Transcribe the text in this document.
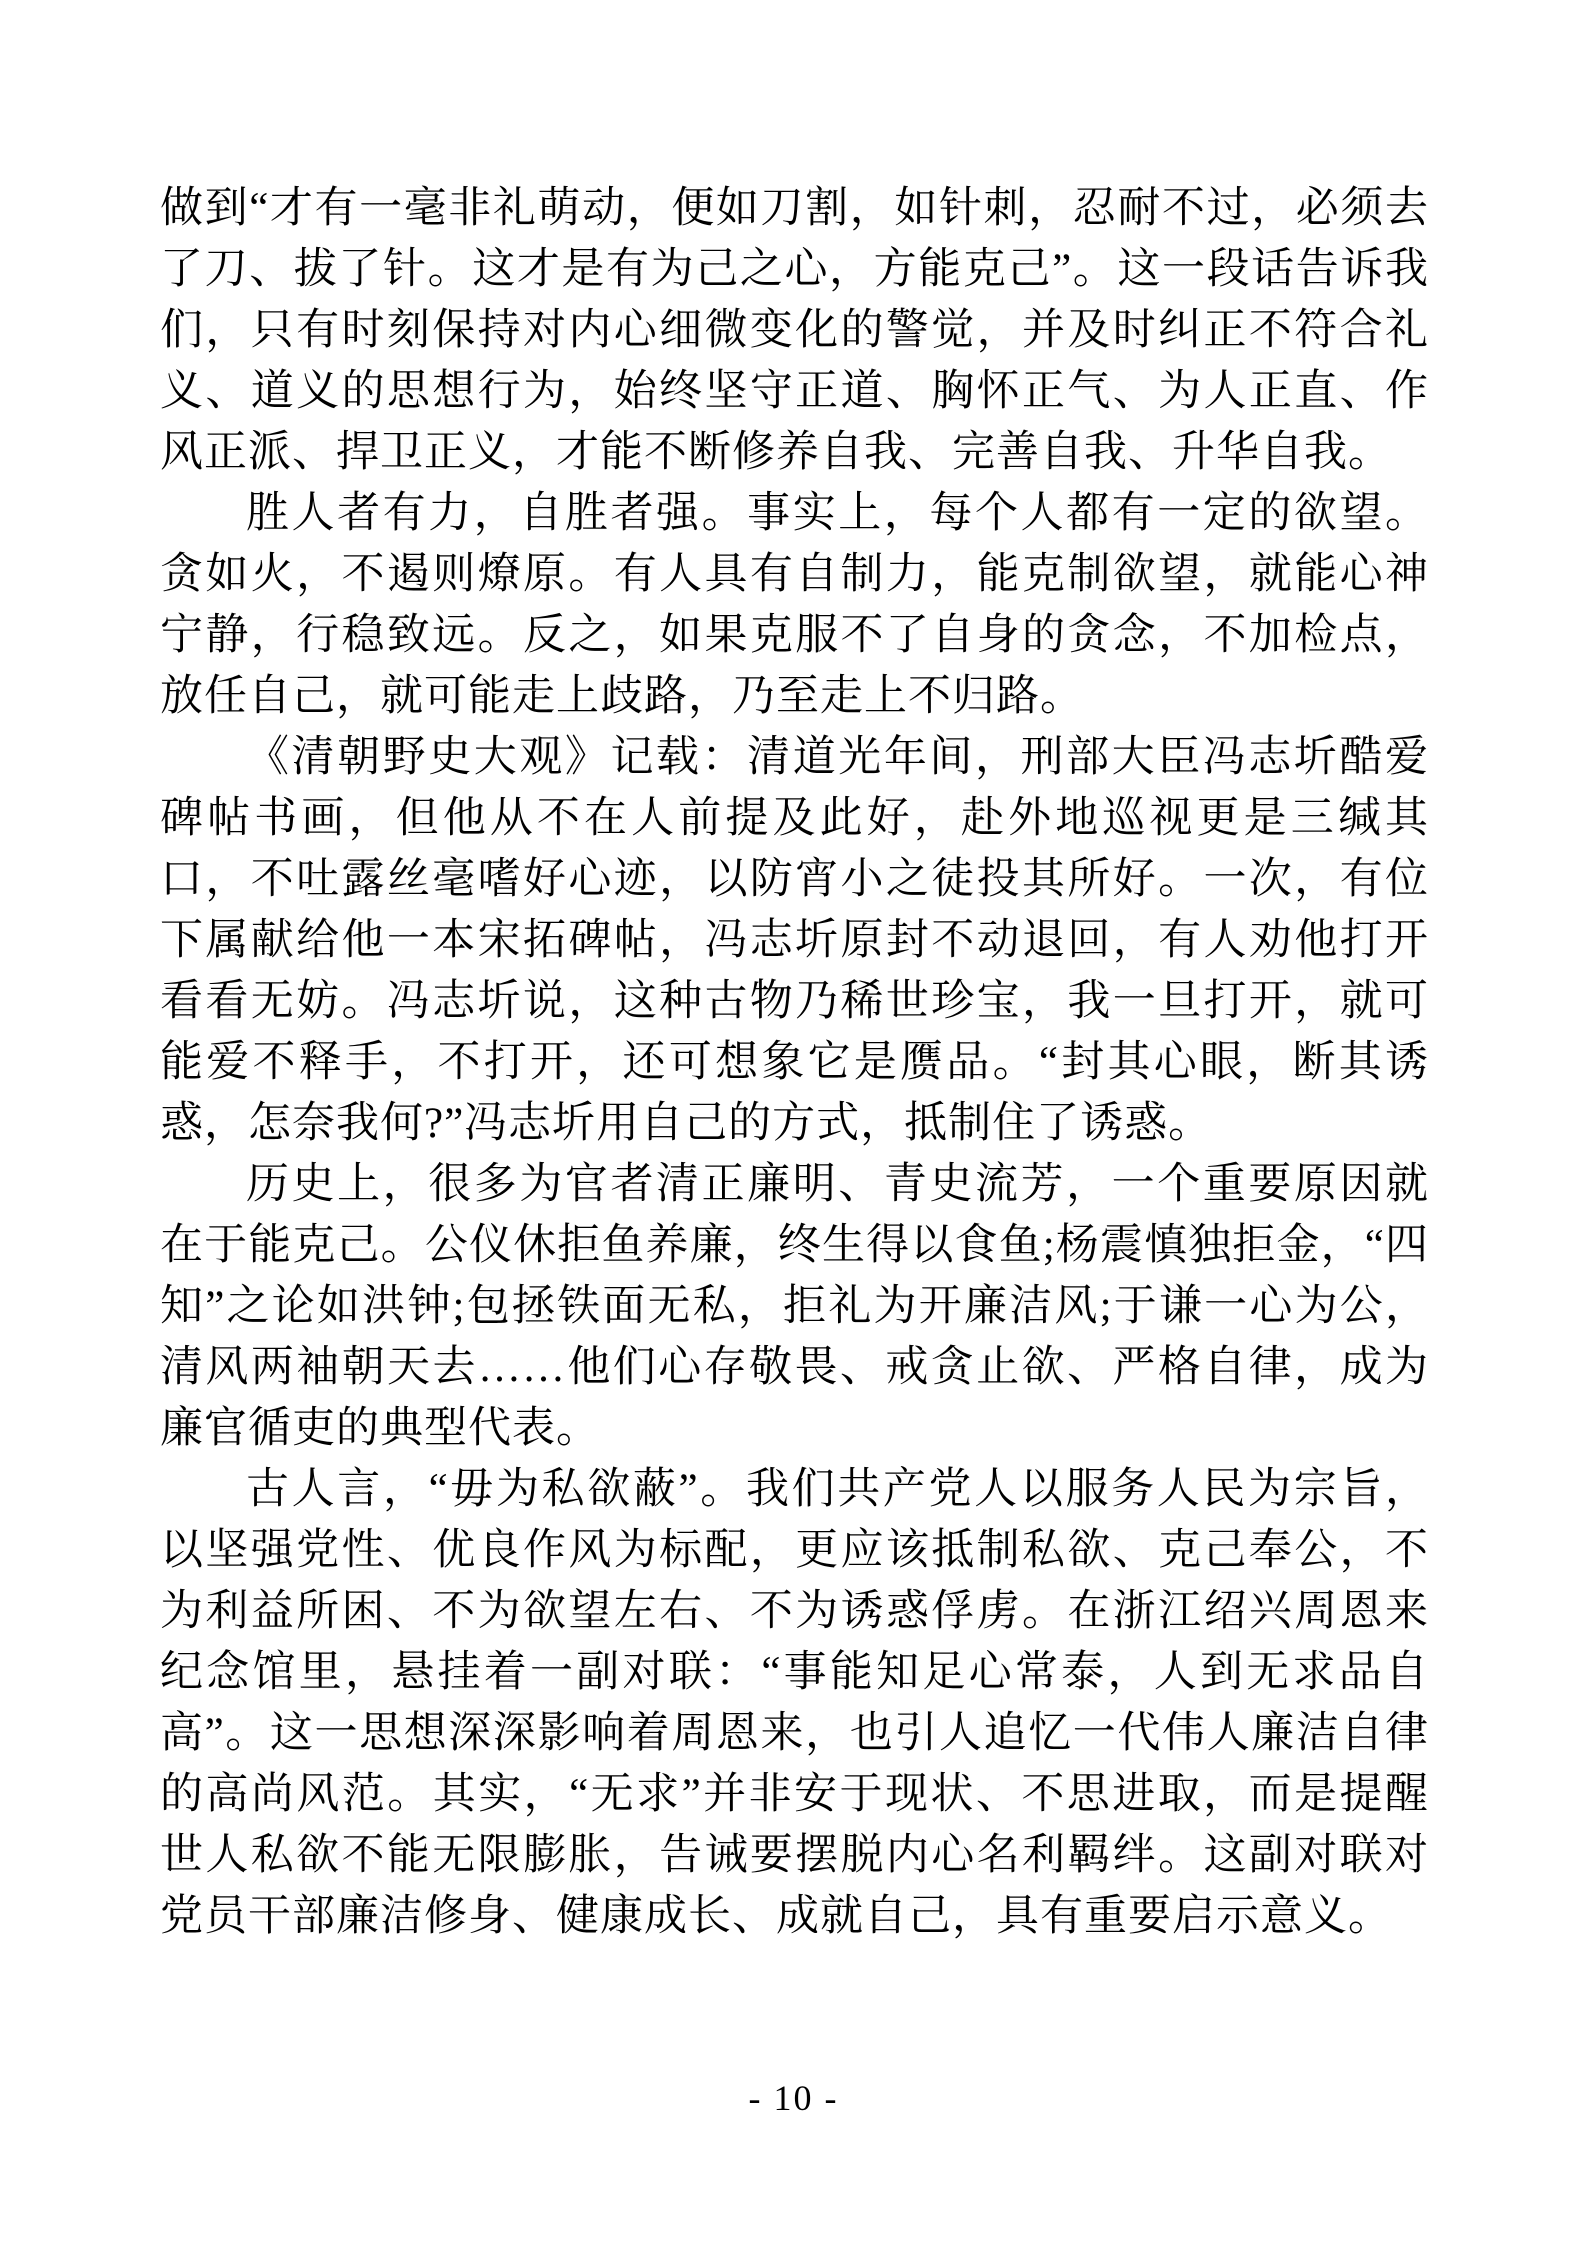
做到“才有一毫非礼萌动，便如刀割，如针刺，忍耐不过，必须去了刀、拔了针。这才是有为己之心，方能克己”。这一段话告诉我们，只有时刻保持对内心细微变化的警觉，并及时纠正不符合礼义、道义的思想行为，始终坚守正道、胸怀正气、为人正直、作风正派、捍卫正义，才能不断修养自我、完善自我、升华自我。

胜人者有力，自胜者强。事实上，每个人都有一定的欲望。贪如火，不遏则燎原。有人具有自制力，能克制欲望，就能心神宁静，行稳致远。反之，如果克服不了自身的贪念，不加检点，放任自己，就可能走上歧路，乃至走上不归路。

《清朝野史大观》记载：清道光年间，刑部大臣冯志圻酷爱碑帖书画，但他从不在人前提及此好，赴外地巡视更是三缄其口，不吐露丝毫嗜好心迹，以防宵小之徒投其所好。一次，有位下属献给他一本宋拓碑帖，冯志圻原封不动退回，有人劝他打开看看无妨。冯志圻说，这种古物乃稀世珍宝，我一旦打开，就可能爱不释手，不打开，还可想象它是赝品。“封其心眼，断其诱惑，怎奈我何?”冯志圻用自己的方式，抵制住了诱惑。

历史上，很多为官者清正廉明、青史流芳，一个重要原因就在于能克己。公仪休拒鱼养廉，终生得以食鱼;杨震慎独拒金，“四知”之论如洪钟;包拯铁面无私，拒礼为开廉洁风;于谦一心为公，清风两袖朝天去……他们心存敬畏、戒贪止欲、严格自律，成为廉官循吏的典型代表。

古人言，“毋为私欲蔽”。我们共产党人以服务人民为宗旨，以坚强党性、优良作风为标配，更应该抵制私欲、克己奉公，不为利益所困、不为欲望左右、不为诱惑俘虏。在浙江绍兴周恩来纪念馆里，悬挂着一副对联：“事能知足心常泰，人到无求品自高”。这一思想深深影响着周恩来，也引人追忆一代伟人廉洁自律的高尚风范。其实，“无求”并非安于现状、不思进取，而是提醒世人私欲不能无限膨胀，告诫要摆脱内心名利羁绊。这副对联对党员干部廉洁修身、健康成长、成就自己，具有重要启示意义。

- 10 -
